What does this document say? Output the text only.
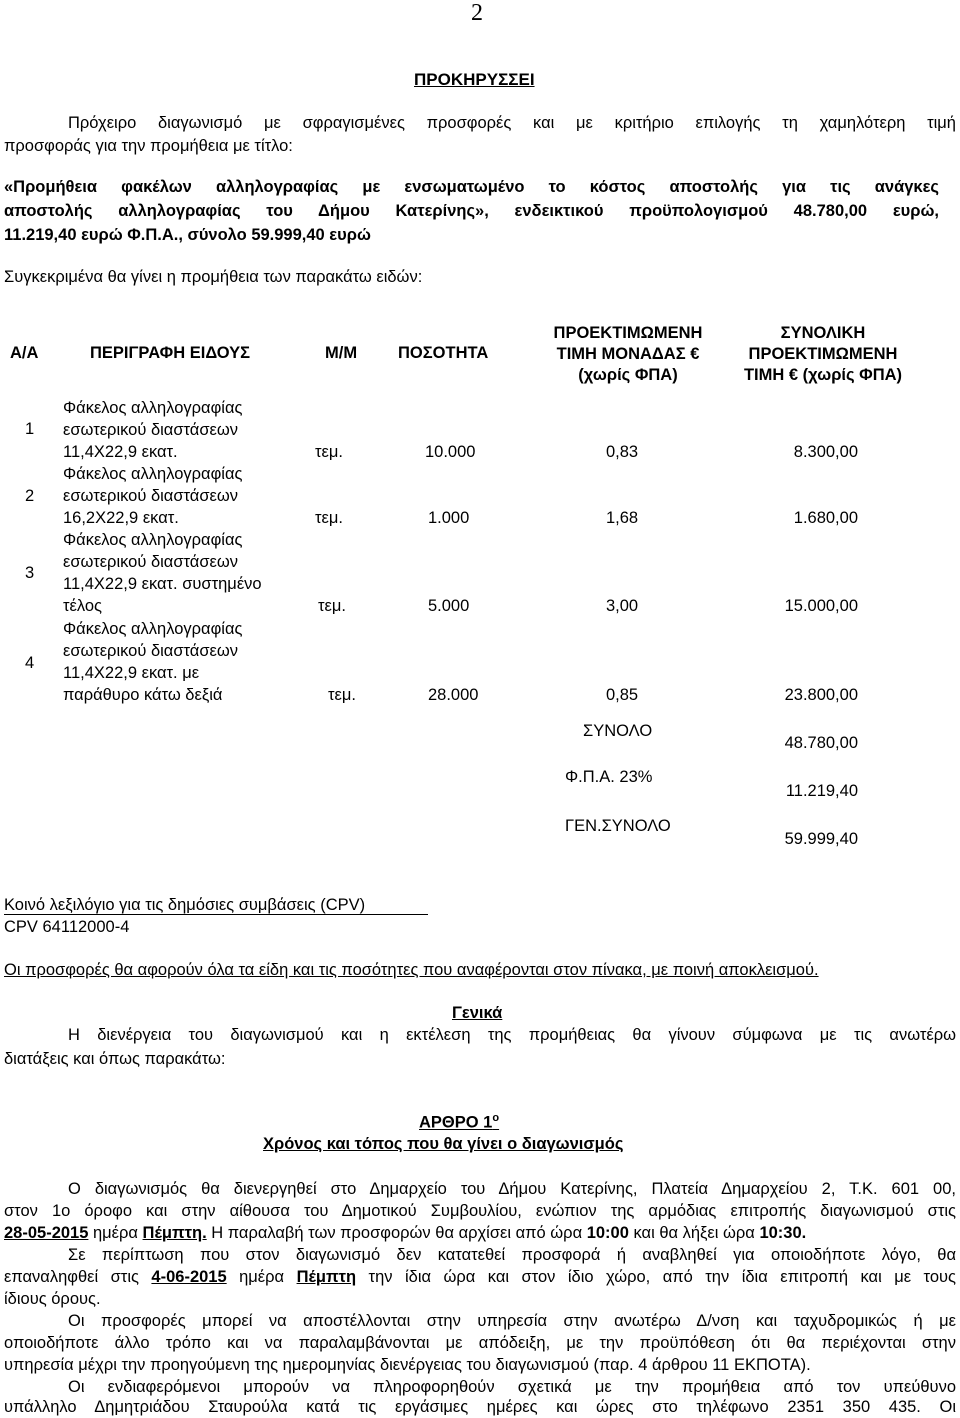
2
ΠΡΟΚΗΡΥΣΣΕΙ
Πρόχειρο διαγωνισμό με σφραγισμένες προσφορές και με κριτήριο επιλογής τη χαμηλότερη τιμή
προσφοράς για την προμήθεια με τίτλο:
«Προμήθεια φακέλων αλληλογραφίας με ενσωματωμένο το κόστος αποστολής για τις ανάγκες
αποστολής αλληλογραφίας του Δήμου Κατερίνης», ενδεικτικού προϋπολογισμού 48.780,00 ευρώ,
11.219,40 ευρώ Φ.Π.Α., σύνολο 59.999,40 ευρώ
Συγκεκριμένα θα γίνει η προμήθεια των παρακάτω ειδών:
Α/Α	ΠΕΡΙΓΡΑΦΗ ΕΙΔΟΥΣ	Μ/Μ ΠΟΣΟΤΗΤΑ
ΠΡΟΕΚΤΙΜΩΜΕΝΗ ΤΙΜΗ ΜΟΝΑΔΑΣ € (χωρίς ΦΠΑ)
ΣΥΝΟΛΙΚΗ ΠΡΟΕΚΤΙΜΩΜΕΝΗ ΤΙΜΗ € (χωρίς ΦΠΑ)
1
Φάκελος αλληλογραφίας
εσωτερικού διαστάσεων
11,4Χ22,9 εκατ.	τεμ.	10.000	0,83	8.300,00
2
Φάκελος αλληλογραφίας
εσωτερικού διαστάσεων
16,2Χ22,9 εκατ.	τεμ.	1.000	1,68	1.680,00
3
Φάκελος αλληλογραφίας
εσωτερικού διαστάσεων
11,4Χ22,9 εκατ. συστημένο
τέλος	τεμ.	5.000	3,00	15.000,00
4
Φάκελος αλληλογραφίας
εσωτερικού διαστάσεων
11,4Χ22,9 εκατ. με
παράθυρο κάτω δεξιά	τεμ.	28.000	0,85	23.800,00
ΣΥΝΟΛΟ
48.780,00
Φ.Π.Α. 23%
11.219,40
ΓΕΝ.ΣΥΝΟΛΟ
59.999,40
Κοινό λεξιλόγιο για τις δημόσιες συμβάσεις (CPV)
CPV 64112000-4
Οι προσφορές θα αφορούν όλα τα είδη και τις ποσότητες που αναφέρονται στον πίνακα, με ποινή αποκλεισμού.
Γενικά
Η διενέργεια του διαγωνισμού και η εκτέλεση της προμήθειας θα γίνουν σύμφωνα με τις ανωτέρω
διατάξεις και όπως παρακάτω:
ΑΡΘΡΟ $1^o$
Χρόνος και τόπος που θα γίνει ο διαγωνισμός
Ο διαγωνισμός θα διενεργηθεί στο Δημαρχείο του Δήμου Κατερίνης, Πλατεία Δημαρχείου 2, Τ.Κ. 601 00,
στον 1ο όροφο και στην αίθουσα του Δημοτικού Συμβουλίου, ενώπιον της αρμόδιας επιτροπής διαγωνισμού στις
28-05-2015 ημέρα Πέμπτη. Η παραλαβή των προσφορών θα αρχίσει από ώρα 10:00 και θα λήξει ώρα 10:30.
Σε περίπτωση που στον διαγωνισμό δεν κατατεθεί προσφορά ή αναβληθεί για οποιοδήποτε λόγο, θα
επαναληφθεί στις 4-06-2015 ημέρα Πέμπτη την ίδια ώρα και στον ίδιο χώρο, από την ίδια επιτροπή και με τους
ίδιους όρους.
Οι προσφορές μπορεί να αποστέλλονται στην υπηρεσία στην ανωτέρω Δ/νση και ταχυδρομικώς ή με
οποιοδήποτε άλλο τρόπο και να παραλαμβάνονται με απόδειξη, με την προϋπόθεση ότι θα περιέχονται στην
υπηρεσία μέχρι την προηγούμενη της ημερομηνίας διενέργειας του διαγωνισμού (παρ. 4 άρθρου 11 ΕΚΠΟΤΑ).
Οι ενδιαφερόμενοι μπορούν να πληροφορηθούν σχετικά με την προμήθεια από τον υπεύθυνο
υπάλληλο Δημητριάδου Σταυρούλα κατά τις εργάσιμες ημέρες και ώρες στο τηλέφωνο 2351 350 435. Οι
